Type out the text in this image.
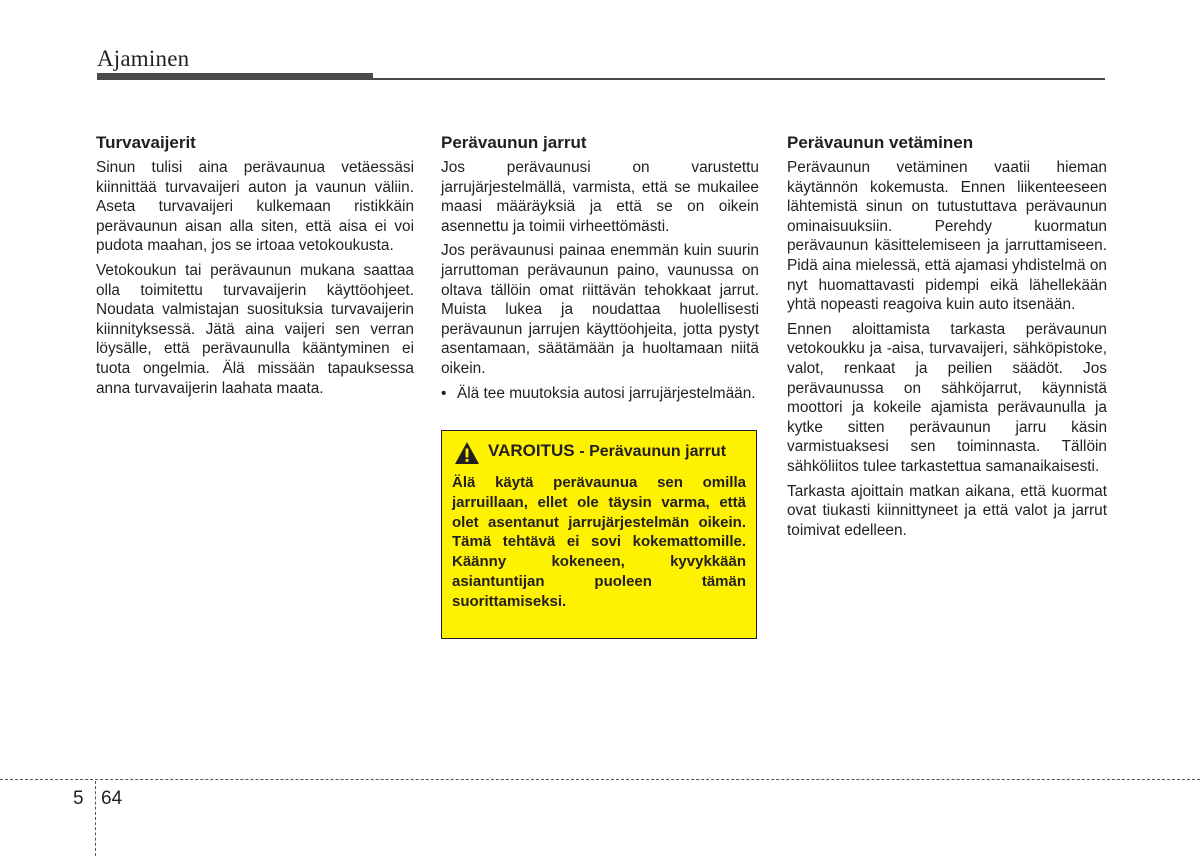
Ajaminen
Turvavaijerit

Sinun tulisi aina perävaunua vetäessäsi kiinnittää turvavaijeri auton ja vaunun väliin. Aseta turvavaijeri kulkemaan ristikkäin perävaunun aisan alla siten, että aisa ei voi pudota maahan, jos se irtoaa vetokoukusta.

Vetokoukun tai perävaunun mukana saattaa olla toimitettu turvavaijerin käyttöohjeet. Noudata valmistajan suosituksia turvavaijerin kiinnityksessä. Jätä aina vaijeri sen verran löysälle, että perävaunulla kääntyminen ei tuota ongelmia. Älä missään tapauksessa anna turvavaijerin laahata maata.

Perävaunun jarrut

Jos perävaunusi on varustettu jarrujärjestelmällä, varmista, että se mukailee maasi määräyksiä ja että se on oikein asennettu ja toimii virheettömästi.

Jos perävaunusi painaa enemmän kuin suurin jarruttoman perävaunun paino, vaunussa on oltava tällöin omat riittävän tehokkaat jarrut. Muista lukea ja noudattaa huolellisesti perävaunun jarrujen käyttöohjeita, jotta pystyt asentamaan, säätämään ja huoltamaan niitä oikein.

• Älä tee muutoksia autosi jarrujärjestelmään.
VAROITUS - Perävaunun jarrut
Älä käytä perävaunua sen omilla jarruillaan, ellet ole täysin varma, että olet asentanut jarrujärjestelmän oikein. Tämä tehtävä ei sovi kokemattomille. Käänny kokeneen, kyvykkään asiantuntijan puoleen tämän suorittamiseksi.
Perävaunun vetäminen

Perävaunun vetäminen vaatii hieman käytännön kokemusta. Ennen liikenteeseen lähtemistä sinun on tutustuttava perävaunun ominaisuuksiin. Perehdy kuormatun perävaunun käsittelemiseen ja jarruttamiseen. Pidä aina mielessä, että ajamasi yhdistelmä on nyt huomattavasti pidempi eikä lähellekään yhtä nopeasti reagoiva kuin auto itsenään.

Ennen aloittamista tarkasta perävaunun vetokoukku ja -aisa, turvavaijeri, sähköpistoke, valot, renkaat ja peilien säädöt. Jos perävaunussa on sähköjarrut, käynnistä moottori ja kokeile ajamista perävaunulla ja kytke sitten perävaunun jarru käsin varmistuaksesi sen toiminnasta. Tällöin sähköliitos tulee tarkastettua samanaikaisesti.

Tarkasta ajoittain matkan aikana, että kuormat ovat tiukasti kiinnittyneet ja että valot ja jarrut toimivat edelleen.

5 64
